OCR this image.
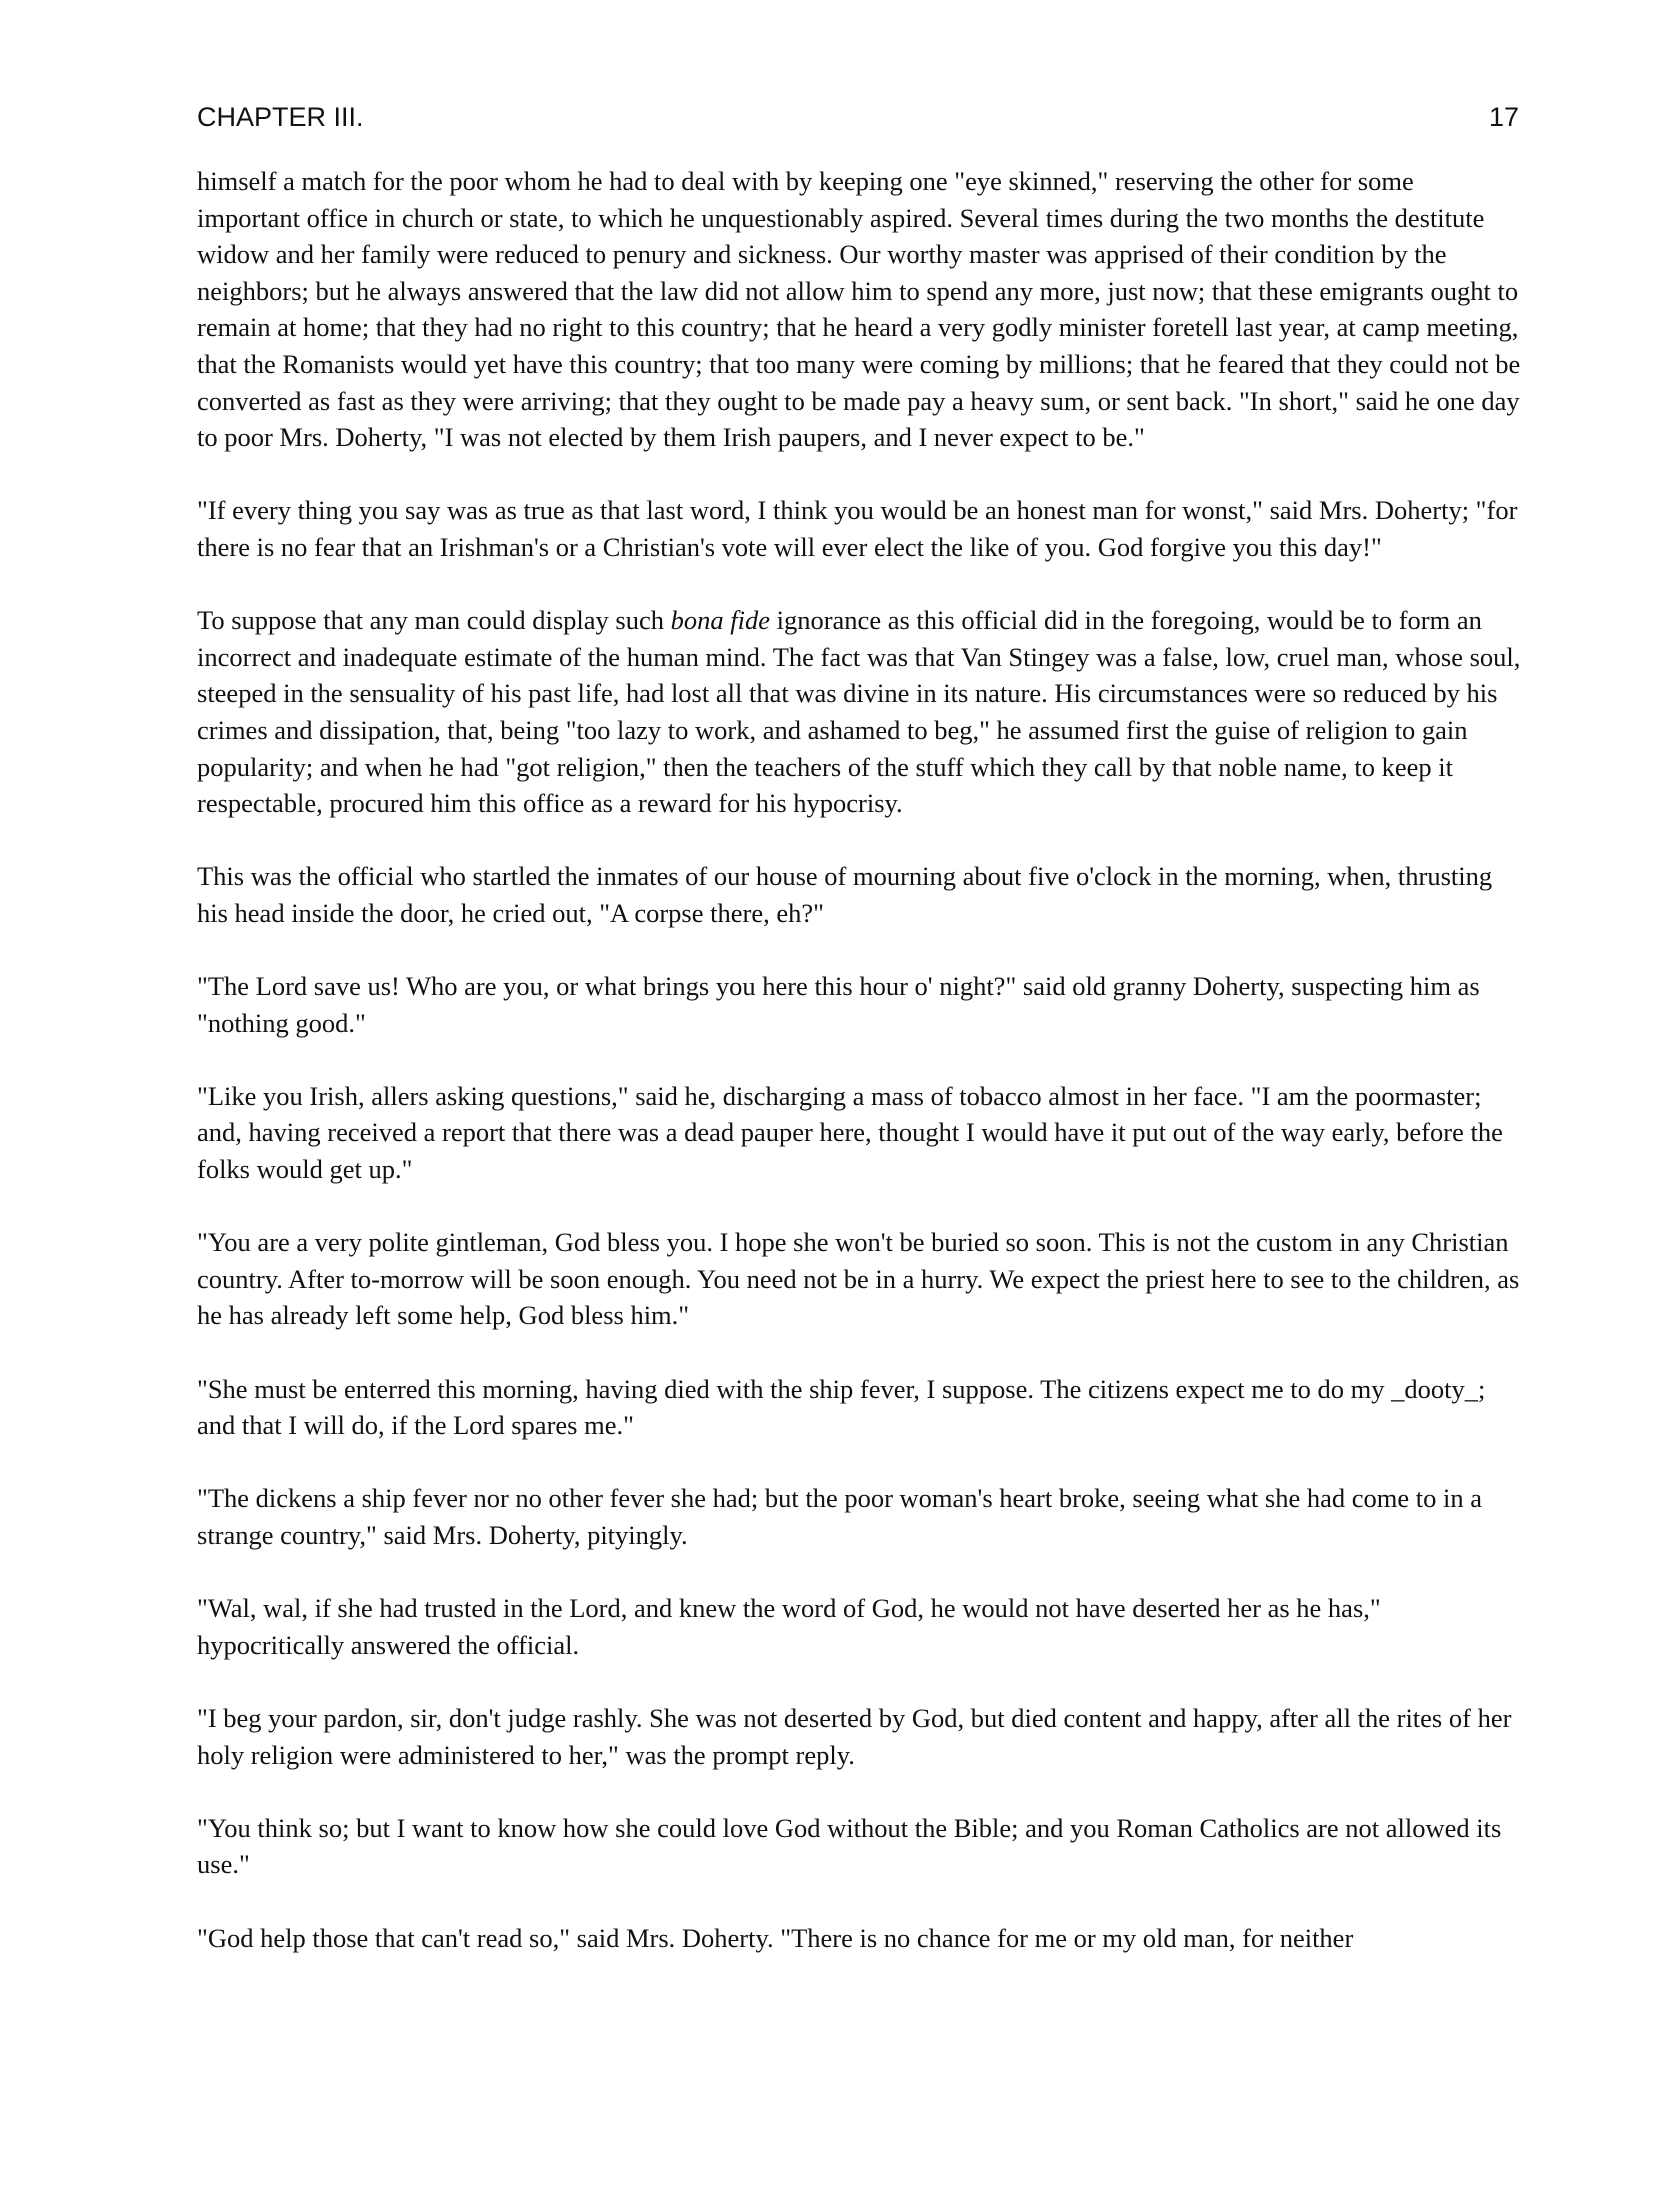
CHAPTER III.	17

himself a match for the poor whom he had to deal with by keeping one "eye skinned," reserving the other for some important office in church or state, to which he unquestionably aspired. Several times during the two months the destitute widow and her family were reduced to penury and sickness. Our worthy master was apprised of their condition by the neighbors; but he always answered that the law did not allow him to spend any more, just now; that these emigrants ought to remain at home; that they had no right to this country; that he heard a very godly minister foretell last year, at camp meeting, that the Romanists would yet have this country; that too many were coming by millions; that he feared that they could not be converted as fast as they were arriving; that they ought to be made pay a heavy sum, or sent back. "In short," said he one day to poor Mrs. Doherty, "I was not elected by them Irish paupers, and I never expect to be."

"If every thing you say was as true as that last word, I think you would be an honest man for wonst," said Mrs. Doherty; "for there is no fear that an Irishman's or a Christian's vote will ever elect the like of you. God forgive you this day!"

To suppose that any man could display such bona fide ignorance as this official did in the foregoing, would be to form an incorrect and inadequate estimate of the human mind. The fact was that Van Stingey was a false, low, cruel man, whose soul, steeped in the sensuality of his past life, had lost all that was divine in its nature. His circumstances were so reduced by his crimes and dissipation, that, being "too lazy to work, and ashamed to beg," he assumed first the guise of religion to gain popularity; and when he had "got religion," then the teachers of the stuff which they call by that noble name, to keep it respectable, procured him this office as a reward for his hypocrisy.

This was the official who startled the inmates of our house of mourning about five o'clock in the morning, when, thrusting his head inside the door, he cried out, "A corpse there, eh?"

"The Lord save us! Who are you, or what brings you here this hour o' night?" said old granny Doherty, suspecting him as "nothing good."

"Like you Irish, allers asking questions," said he, discharging a mass of tobacco almost in her face. "I am the poormaster; and, having received a report that there was a dead pauper here, thought I would have it put out of the way early, before the folks would get up."

"You are a very polite gintleman, God bless you. I hope she won't be buried so soon. This is not the custom in any Christian country. After to-morrow will be soon enough. You need not be in a hurry. We expect the priest here to see to the children, as he has already left some help, God bless him."

"She must be enterred this morning, having died with the ship fever, I suppose. The citizens expect me to do my _dooty_; and that I will do, if the Lord spares me."

"The dickens a ship fever nor no other fever she had; but the poor woman's heart broke, seeing what she had come to in a strange country," said Mrs. Doherty, pityingly.

"Wal, wal, if she had trusted in the Lord, and knew the word of God, he would not have deserted her as he has," hypocritically answered the official.

"I beg your pardon, sir, don't judge rashly. She was not deserted by God, but died content and happy, after all the rites of her holy religion were administered to her," was the prompt reply.

"You think so; but I want to know how she could love God without the Bible; and you Roman Catholics are not allowed its use."

"God help those that can't read so," said Mrs. Doherty. "There is no chance for me or my old man, for neither
